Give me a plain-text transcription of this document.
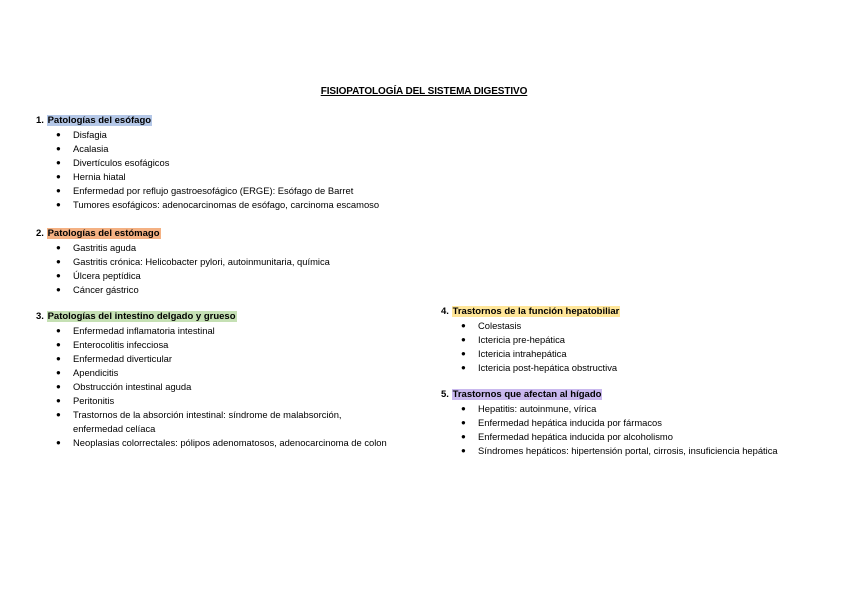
FISIOPATOLOGÍA DEL SISTEMA DIGESTIVO
1. Patologías del esófago
● Disfagia
● Acalasia
● Divertículos esofágicos
● Hernia hiatal
● Enfermedad por reflujo gastroesofágico (ERGE): Esófago de Barret
● Tumores esofágicos: adenocarcinomas de esófago, carcinoma escamoso
2. Patologías del estómago
● Gastritis aguda
● Gastritis crónica: Helicobacter pylori, autoinmunitaria, química
● Úlcera peptídica
● Cáncer gástrico
3. Patologías del intestino delgado y grueso
● Enfermedad inflamatoria intestinal
● Enterocolitis infecciosa
● Enfermedad diverticular
● Apendicitis
● Obstrucción intestinal aguda
● Peritonitis
● Trastornos de la absorción intestinal: síndrome de malabsorción, enfermedad celíaca
● Neoplasias colorrectales: pólipos adenomatosos, adenocarcinoma de colon
4. Trastornos de la función hepatobiliar
● Colestasis
● Ictericia pre-hepática
● Ictericia intrahepática
● Ictericia post-hepática obstructiva
5. Trastornos que afectan al hígado
● Hepatitis: autoinmune, vírica
● Enfermedad hepática inducida por fármacos
● Enfermedad hepática inducida por alcoholismo
● Síndromes hepáticos: hipertensión portal, cirrosis, insuficiencia hepática
